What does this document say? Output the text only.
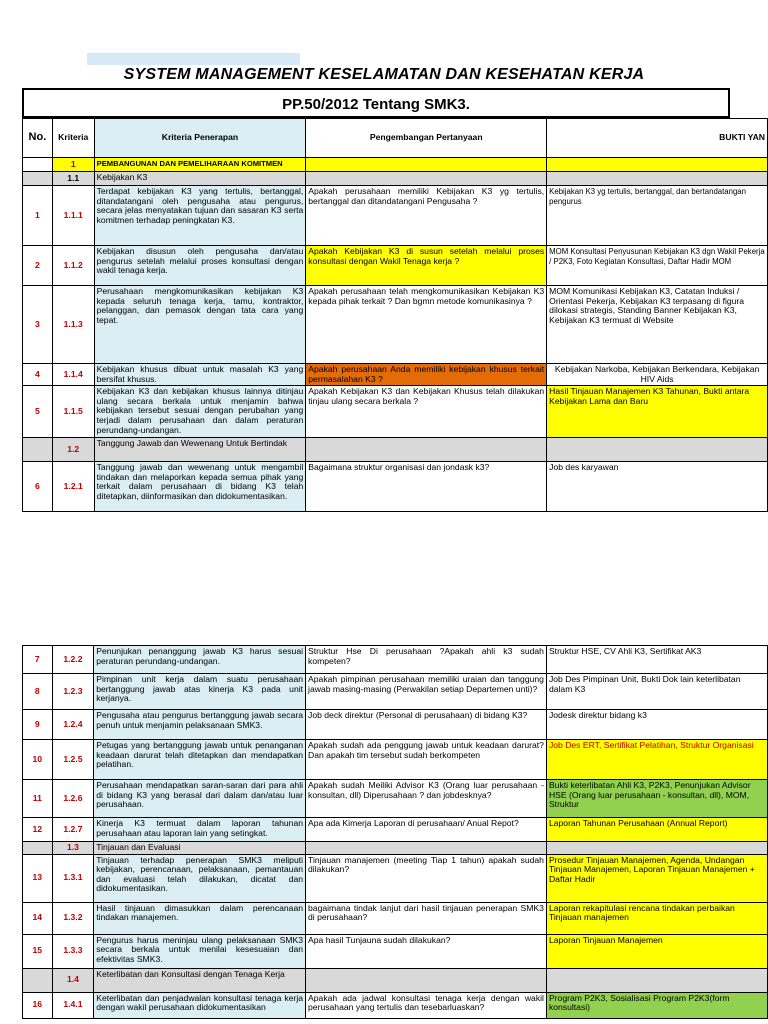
SYSTEM MANAGEMENT KESELAMATAN DAN KESEHATAN KERJA
PP.50/2012 Tentang SMK3.
No.	Kriteria	Kriteria Penerapan	Pengembangan Pertanyaan	BUKTI YAN
	1	PEMBANGUNAN DAN PEMELIHARAAN KOMITMEN		
	1.1	Kebijakan K3		
1	1.1.1	Terdapat kebijakan K3 yang tertulis, bertanggal, ditandatangani oleh pengusaha atau pengurus, secara jelas menyatakan tujuan dan sasaran K3 serta komitmen terhadap peningkatan K3.	Apakah perusahaan memiliki Kebijakan K3 yg tertulis, bertanggal dan ditandatangani Pengusaha ?	Kebijakan K3 yg tertulis, bertanggal, dan bertandatangan pengurus
2	1.1.2	Kebijakan disusun oleh pengusaha dan/atau pengurus setelah melalui proses konsultasi dengan wakil tenaga kerja.	Apakah Kebijakan K3 di susun setelah melalui proses konsultasi dengan Wakil Tenaga kerja ?	MOM Konsultasi Penyusunan Kebijakan K3 dgn Wakil Pekerja / P2K3, Foto Kegiatan Konsultasi, Daftar Hadir MOM
3	1.1.3	Perusahaan mengkomunikasikan kebijakan K3 kepada seluruh tenaga kerja, tamu, kontraktor, pelanggan, dan pemasok dengan tata cara yang tepat.	Apakah perusahaan telah mengkomunikasikan Kebijakan K3 kepada pihak terkait ? Dan bgmn metode komunikasinya ?	MOM Komunikasi Kebijakan K3, Catatan Induksi / Orientasi Pekerja, Kebijakan K3 terpasang di figura dilokasi strategis, Standing Banner Kebijakan K3, Kebijakan K3 termuat di Website
4	1.1.4	Kebijakan khusus dibuat untuk masalah K3 yang bersifat khusus.	Apakah perusahaan Anda memiliki kebijakan khusus terkait permasalahan K3 ?	Kebijakan Narkoba, Kebijakan Berkendara, Kebijakan HIV Aids
5	1.1.5	Kebijakan K3 dan kebijakan khusus lainnya ditinjau ulang secara berkala untuk menjamin bahwa kebijakan tersebut sesuai dengan perubahan yang terjadi dalam perusahaan dan dalam peraturan perundang-undangan.	Apakah Kebijakan K3 dan Kebijakan Khusus telah dilakukan tinjau ulang secara berkala ?	Hasil Tinjauan Manajemen K3 Tahunan, Bukti antara Kebijakan Lama dan Baru
	1.2	Tanggung Jawab dan Wewenang Untuk Bertindak		
6	1.2.1	Tanggung jawab dan wewenang untuk mengambil tindakan dan melaporkan kepada semua pihak yang terkait dalam perusahaan di bidang K3 telah ditetapkan, diinformasikan dan didokumentasikan.	Bagaimana struktur organisasi dan jondask k3?	Job des karyawan
7	1.2.2	Penunjukan penanggung jawab K3 harus sesuai peraturan perundang-undangan.	Struktur Hse Di perusahaan ?Apakah ahli k3 sudah kompeten?	Struktur HSE, CV Ahli K3, Sertifikat AK3
8	1.2.3	Pimpinan unit kerja dalam suatu perusahaan bertanggung jawab atas kinerja K3 pada unit kerjanya.	Apakah pimpinan perusahaan memiliki uraian dan tanggung jawab masing-masing (Perwakilan setiap Departemen unti)?	Job Des Pimpinan Unit, Bukti Dok lain keterlibatan dalam K3
9	1.2.4	Pengusaha atau pengurus bertanggung jawab secara penuh untuk menjamin pelaksanaan SMK3.	Job deck direktur (Personal di perusahaan) di bidang K3?	Jodesk direktur bidang k3
10	1.2.5	Petugas yang bertanggung jawab untuk penanganan keadaan darurat telah ditetapkan dan mendapatkan pelatihan.	Apakah sudah ada penggung jawab untuk keadaan darurat? Dan apakah tim tersebut sudah berkompeten	Job Des ERT, Sertifikat Pelatihan, Struktur Organisasi
11	1.2.6	Perusahaan mendapatkan saran-saran dari para ahli di bidang K3 yang berasal dari dalam dan/atau luar perusahaan.	Apakah sudah Meiliki Advisor K3 (Orang luar perusahaan - konsultan, dll) Diperusahaan ? dan jobdesknya?	Bukti keterlibatan Ahli K3, P2K3, Penunjukan Advisor HSE (Orang luar perusahaan - konsultan, dll), MOM, Struktur
12	1.2.7	Kinerja K3 termuat dalam laporan tahunan perusahaan atau laporan lain yang setingkat.	Apa ada Kimerja Laporan di perusahaan/ Anual Repot?	Laporan Tahunan Perusahaan (Annual Report)
	1.3	Tinjauan dan Evaluasi		
13	1.3.1	Tinjauan terhadap penerapan SMK3 meliputi kebijakan, perencanaan, pelaksanaan, pemantauan dan evaluasi telah dilakukan, dicatat dan didokumentasikan.	Tinjauan manajemen (meeting Tiap 1 tahun) apakah sudah dilakukan?	Prosedur Tinjauan Manajemen, Agenda, Undangan Tinjauan Manajemen, Laporan Tinjauan Manajemen + Daftar Hadir
14	1.3.2	Hasil tinjauan dimasukkan dalam perencanaan tindakan manajemen.	bagaimana tindak lanjut dari hasil tinjauan penerapan SMK3 di perusahaan?	Laporan rekapitulasi rencana tindakan perbaikan Tinjauan manajemen
15	1.3.3	Pengurus harus meninjau ulang pelaksanaan SMK3 secara berkala untuk menilai kesesuaian dan efektivitas SMK3.	Apa hasil Tunjauna sudah dilakukan?	Laporan Tinjauan Manajemen
	1.4	Keterlibatan dan Konsultasi dengan Tenaga Kerja		
16	1.4.1	Keterlibatan dan penjadwalan konsultasi tenaga kerja dengan wakil perusahaan didokumentasikan	Apakah ada jadwal konsultasi tenaga kerja dengan wakil perusahaan yang tertulis dan tesebarluaskan?	Program P2K3, Sosialisasi Program P2K3(form konsultasi)
